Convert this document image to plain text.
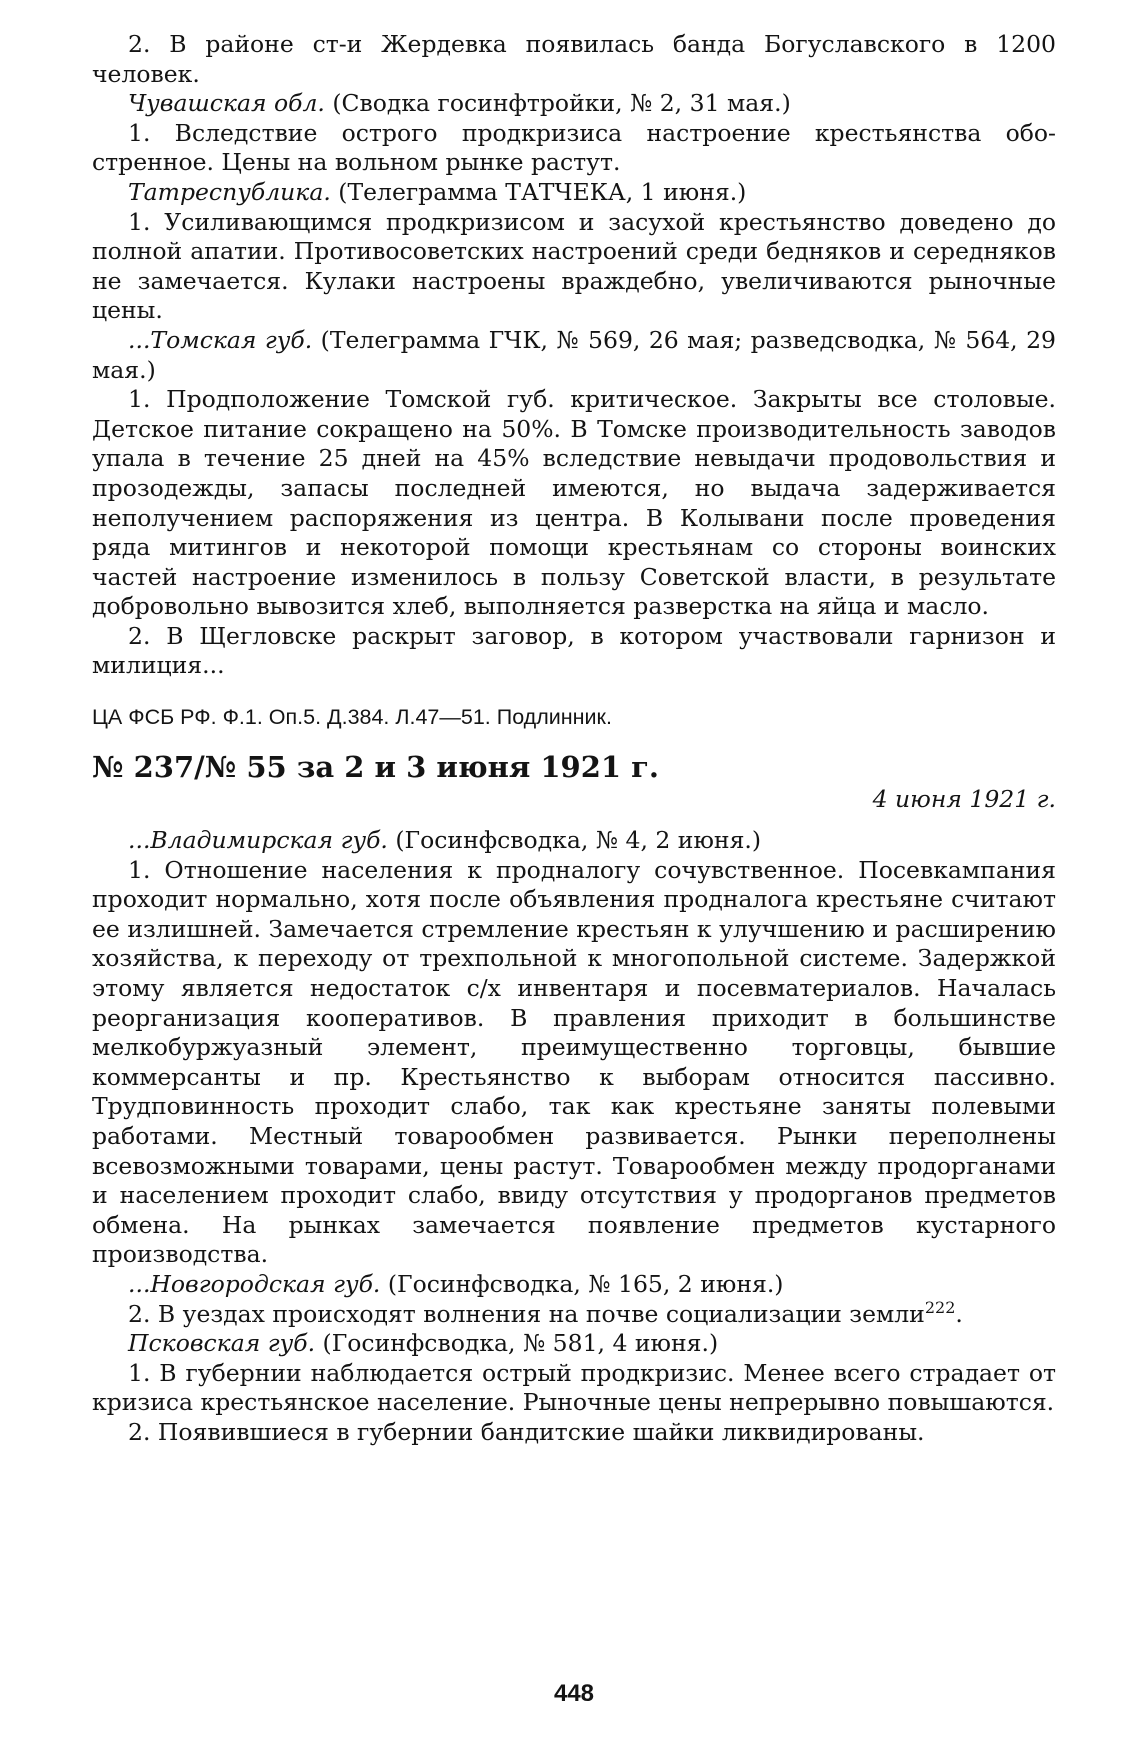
2. В районе ст-и Жердевка появилась банда Богуславского в 1200 человек.

Чувашская обл. (Сводка госинфтройки, № 2, 31 мая.)

1. Вследствие острого продкризиса настроение крестьянства обостренное. Цены на вольном рынке растут.

Татреспублика. (Телеграмма ТАТЧЕКА, 1 июня.)

1. Усиливающимся продкризисом и засухой крестьянство доведено до полной апатии. Противосоветских настроений среди бедняков и середняков не замечается. Кулаки настроены враждебно, увеличиваются рыночные цены.

...Томская губ. (Телеграмма ГЧК, № 569, 26 мая; разведсводка, № 564, 29 мая.)

1. Продположение Томской губ. критическое. Закрыты все столовые. Детское питание сокращено на 50%. В Томске производительность заводов упала в течение 25 дней на 45% вследствие невыдачи продовольствия и прозодежды, запасы последней имеются, но выдача задерживается неполучением распоряжения из центра. В Колывани после проведения ряда митингов и некоторой помощи крестьянам со стороны воинских частей настроение изменилось в пользу Советской власти, в результате добровольно вывозится хлеб, выполняется разверстка на яйца и масло.

2. В Щегловске раскрыт заговор, в котором участвовали гарнизон и милиция...

ЦА ФСБ РФ. Ф.1. Оп.5. Д.384. Л.47—51. Подлинник.

№ 237/№ 55 за 2 и 3 июня 1921 г.

4 июня 1921 г.

...Владимирская губ. (Госинфсводка, № 4, 2 июня.)

1. Отношение населения к продналогу сочувственное. Посевкампания проходит нормально, хотя после объявления продналога крестьяне считают ее излишней. Замечается стремление крестьян к улучшению и расширению хозяйства, к переходу от трехпольной к многопольной системе. Задержкой этому является недостаток с/х инвентаря и посевматериалов. Началась реорганизация кооперативов. В правления приходит в большинстве мелкобуржуазный элемент, преимущественно торговцы, бывшие коммерсанты и пр. Крестьянство к выборам относится пассивно. Трудповинность проходит слабо, так как крестьяне заняты полевыми работами. Местный товарообмен развивается. Рынки переполнены всевозможными товарами, цены растут. Товарообмен между продорганами и населением проходит слабо, ввиду отсутствия у продорганов предметов обмена. На рынках замечается появление предметов кустарного производства.

...Новгородская губ. (Госинфсводка, № 165, 2 июня.)

2. В уездах происходят волнения на почве социализации земли$^{222}$.

Псковская губ. (Госинфсводка, № 581, 4 июня.)

1. В губернии наблюдается острый продкризис. Менее всего страдает от кризиса крестьянское население. Рыночные цены непрерывно повышаются.

2. Появившиеся в губернии бандитские шайки ликвидированы.

448
